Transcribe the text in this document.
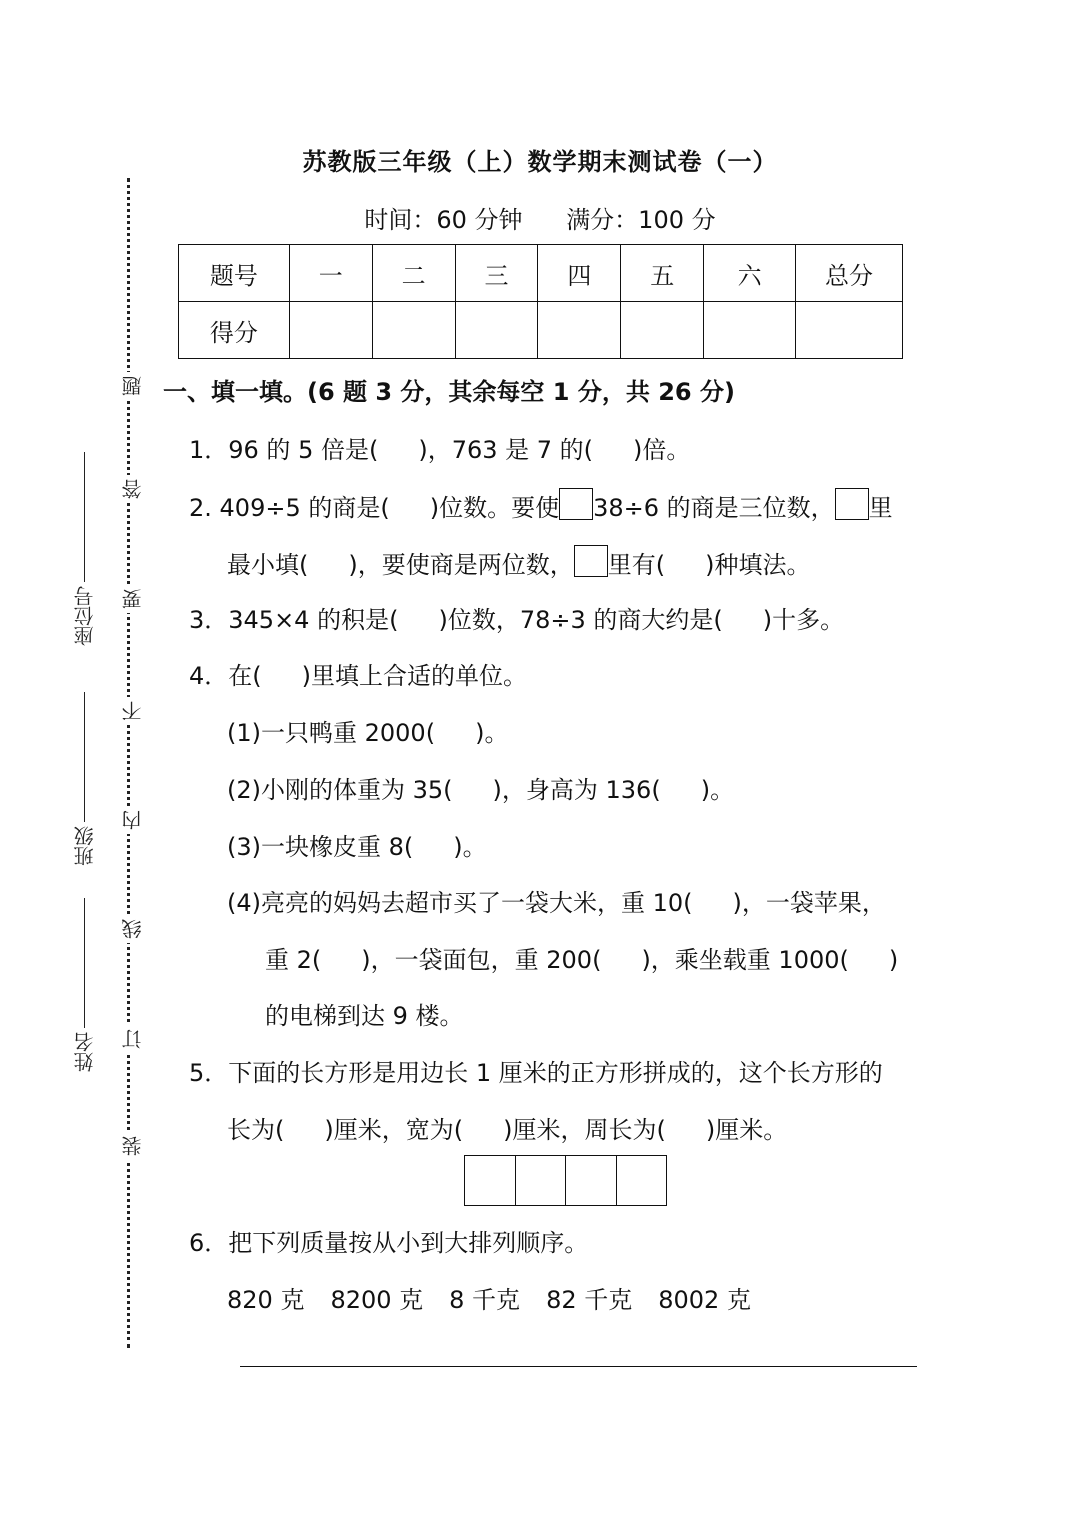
题
答
要
不
内
线
订
装
座位号
班级
姓名
苏教版三年级（上）数学期末测试卷（一）
时间：60 分钟 满分：100 分
题号	一	二	三	四	五	六	总分
得分							
一、填一填。(6 题 3 分，其余每空 1 分，共 26 分)
1．96 的 5 倍是( )，763 是 7 的( )倍。
2. 409÷5 的商是( )位数。要使 38÷6 的商是三位数， 里
最小填( )，要使商是两位数， 里有( )种填法。
3．345×4 的积是( )位数，78÷3 的商大约是( )十多。
4．在( )里填上合适的单位。
(1)一只鸭重 2000( )。
(2)小刚的体重为 35( )，身高为 136( )。
(3)一块橡皮重 8( )。
(4)亮亮的妈妈去超市买了一袋大米，重 10( )，一袋苹果，
重 2( )，一袋面包，重 200( )，乘坐载重 1000( )
的电梯到达 9 楼。
5．下面的长方形是用边长 1 厘米的正方形拼成的，这个长方形的
长为( )厘米，宽为( )厘米，周长为( )厘米。
6．把下列质量按从小到大排列顺序。
820 克 8200 克 8 千克 82 千克 8002 克
